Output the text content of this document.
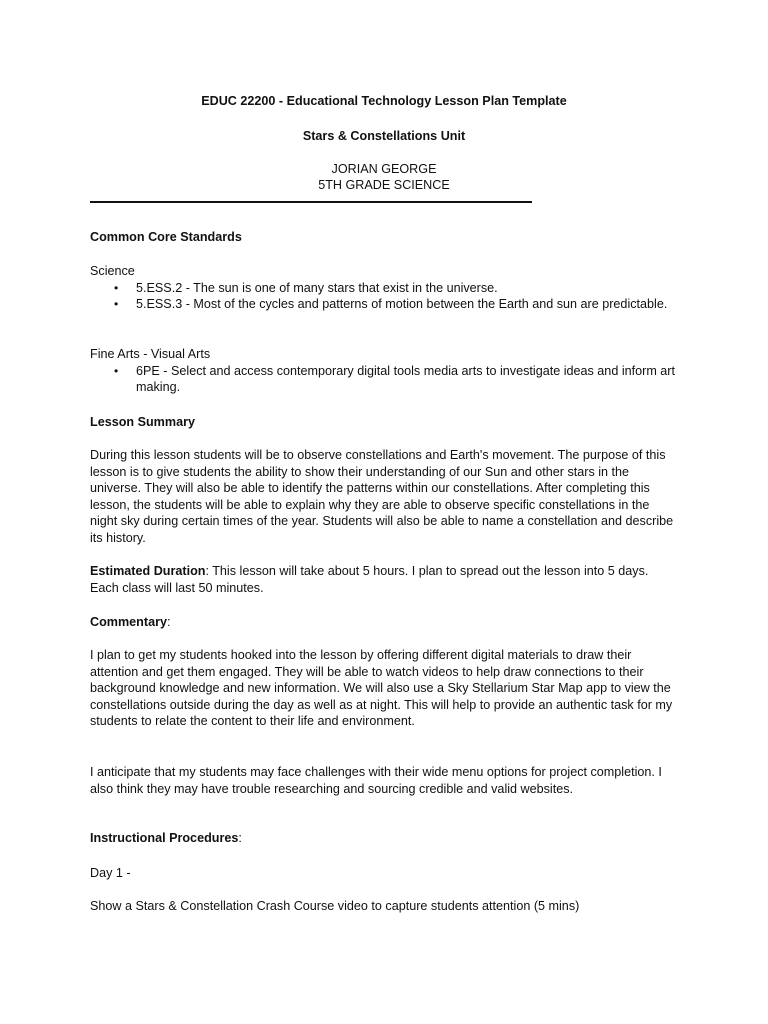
EDUC 22200 - Educational Technology Lesson Plan Template
Stars & Constellations Unit
JORIAN GEORGE
5TH GRADE SCIENCE
Common Core Standards
Science
• 5.ESS.2 - The sun is one of many stars that exist in the universe.
• 5.ESS.3 - Most of the cycles and patterns of motion between the Earth and sun are predictable.
Fine Arts - Visual Arts
• 6PE - Select and access contemporary digital tools media arts to investigate ideas and inform art making.
Lesson Summary

During this lesson students will be to observe constellations and Earth's movement. The purpose of this lesson is to give students the ability to show their understanding of our Sun and other stars in the universe. They will also be able to identify the patterns within our constellations. After completing this lesson, the students will be able to explain why they are able to observe specific constellations in the night sky during certain times of the year. Students will also be able to name a constellation and describe its history.

Estimated Duration: This lesson will take about 5 hours. I plan to spread out the lesson into 5 days. Each class will last 50 minutes.

Commentary:

I plan to get my students hooked into the lesson by offering different digital materials to draw their attention and get them engaged. They will be able to watch videos to help draw connections to their background knowledge and new information. We will also use a Sky Stellarium Star Map app to view the constellations outside during the day as well as at night. This will help to provide an authentic task for my students to relate the content to their life and environment.

I anticipate that my students may face challenges with their wide menu options for project completion. I also think they may have trouble researching and sourcing credible and valid websites.

Instructional Procedures:

Day 1 -

Show a Stars & Constellation Crash Course video to capture students attention (5 mins)
